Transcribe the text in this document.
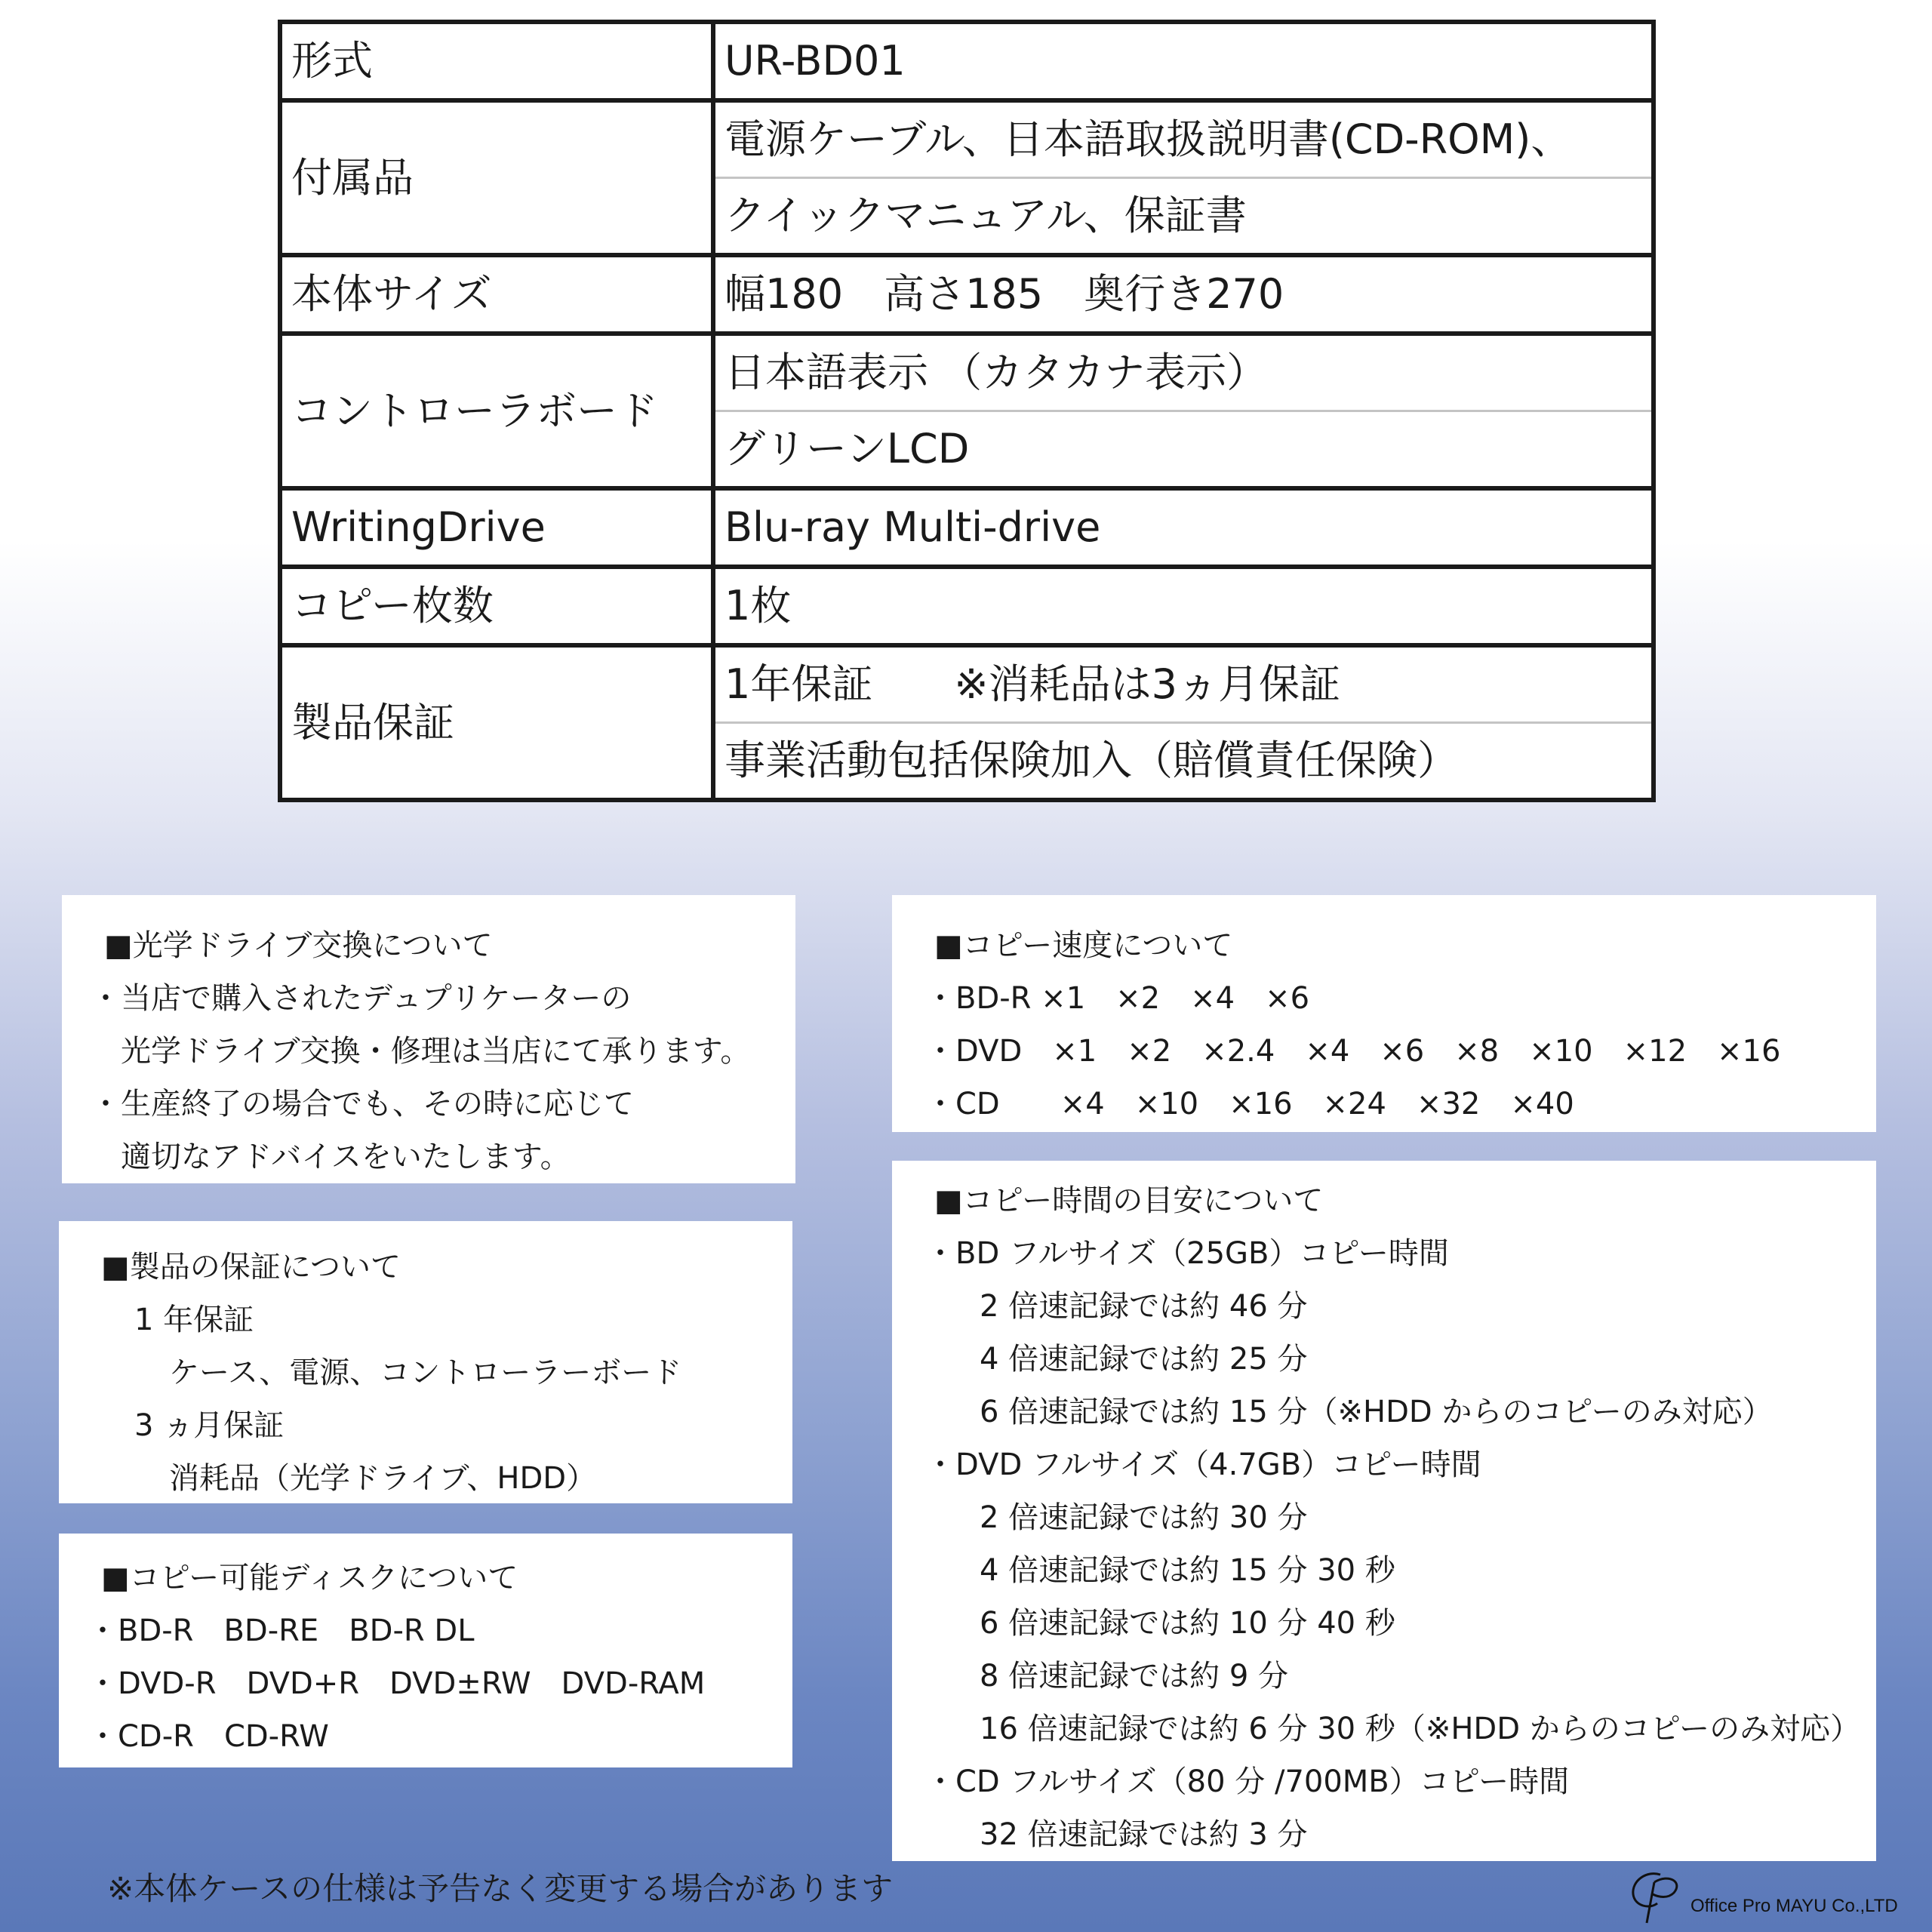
形式	UR-BD01
付属品	電源ケーブル、日本語取扱説明書(CD-ROM)、
	クイックマニュアル、保証書
本体サイズ	幅180　高さ185　奥行き270
コントローラボード	日本語表示 （カタカナ表示）
	グリーンLCD
WritingDrive	Blu-ray Multi-drive
コピー枚数	1枚
製品保証	1年保証　　※消耗品は3ヵ月保証
	事業活動包括保険加入（賠償責任保険）
■光学ドライブ交換について
・当店で購入されたデュプリケーターの
光学ドライブ交換・修理は当店にて承ります。
・生産終了の場合でも、その時に応じて
適切なアドバイスをいたします。
■製品の保証について
1 年保証
ケース、電源、コントローラーボード
3 ヵ月保証
消耗品（光学ドライブ、HDD）
■コピー可能ディスクについて
・BD-R　BD-RE　BD-R DL
・DVD-R　DVD+R　DVD±RW　DVD-RAM
・CD-R　CD-RW
■コピー速度について
・BD-R ×1　×2　×4　×6
・DVD　×1　×2　×2.4　×4　×6　×8　×10　×12　×16
・CD　　×4　×10　×16　×24　×32　×40
■コピー時間の目安について
・BD フルサイズ（25GB）コピー時間
2 倍速記録では約 46 分
4 倍速記録では約 25 分
6 倍速記録では約 15 分（※HDD からのコピーのみ対応）
・DVD フルサイズ（4.7GB）コピー時間
2 倍速記録では約 30 分
4 倍速記録では約 15 分 30 秒
6 倍速記録では約 10 分 40 秒
8 倍速記録では約 9 分
16 倍速記録では約 6 分 30 秒（※HDD からのコピーのみ対応）
・CD フルサイズ（80 分 /700MB）コピー時間
32 倍速記録では約 3 分
※本体ケースの仕様は予告なく変更する場合があります	Office Pro MAYU Co.,LTD
